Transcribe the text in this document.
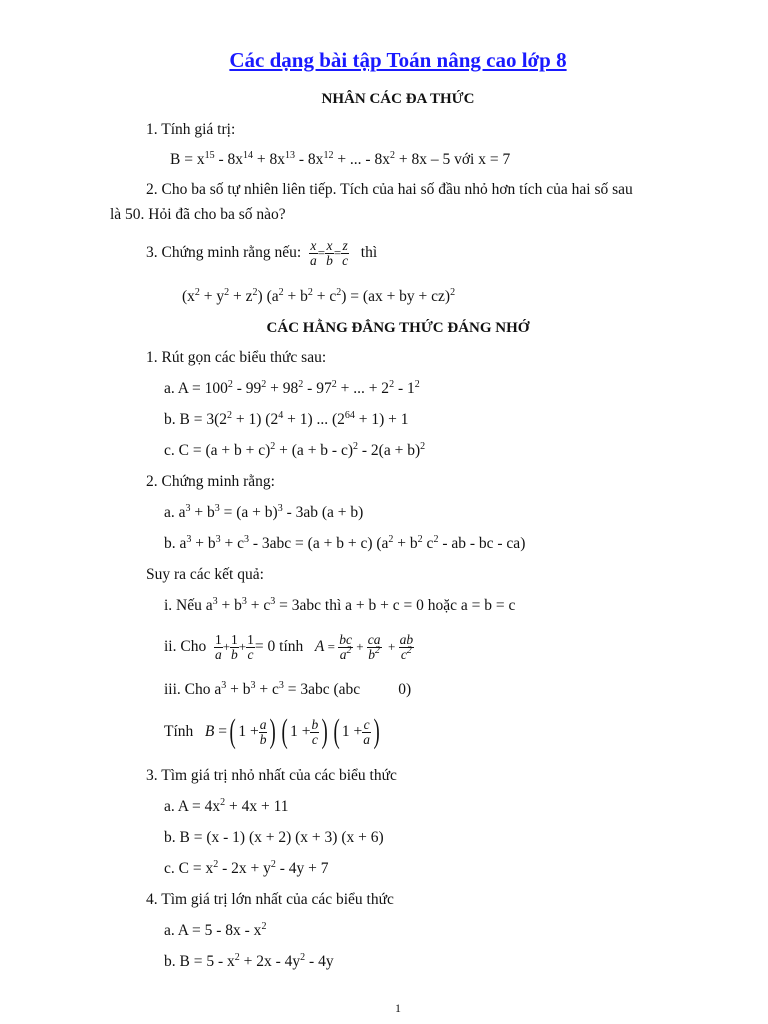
Các dạng bài tập Toán nâng cao lớp 8
NHÂN CÁC ĐA THỨC
1. Tính giá trị:
$B = x^{15} - 8x^{14} + 8x^{13} - 8x^{12}$ + ... - $8x^2 + 8x - 5$ với x = 7
2. Cho ba số tự nhiên liên tiếp. Tích của hai số đầu nhỏ hơn tích của hai số sau
là 50. Hỏi đã cho ba số nào?
3. Chứng minh rằng nếu: $\frac{x}{a} = \frac{x}{b} = \frac{z}{c}$ thì
$(x^2 + y^2 + z^2) (a^2 + b^2 + c^2) = (ax$ + by + cz)$^2$
CÁC HẰNG ĐẲNG THỨC ĐÁNG NHỚ
1. Rút gọn các biểu thức sau:
a. $A = 100^2 - 99^2 + 98^2 - 97^2$ + ... + $2^2 - 1^2$
b. $B = 3(2^2 + 1) (2^4 + 1)$ ... $(2^{64} + 1) + 1$
c. $C = (a + b + c)^2 + (a + b - c)^2 - 2(a + b)^2$
2. Chứng minh rằng:
a. $a^3 + b^3 = (a + b)^3 - 3ab$ (a + b)
b. $a^3 + b^3 + c^3 - 3abc = (a + b + c) (a^2 + b^2$ $c^2$ - ab - bc - ca)
Suy ra các kết quả:
i. Nếu $a^3 + b^3 + c^3 = 3abc$ thì a + b + c = 0 hoặc a = b = c
ii. Cho $\frac{1}{a} + \frac{1}{b} + \frac{1}{c} = 0$ tính $A = \frac{bc}{a^2} + \frac{ca}{b^2} + \frac{ab}{c^2}$
iii. Cho $a^3 + b^3 + c^3 = 3abc$ (abc 0)
Tính B =( $1 + \frac{a}{b}$ ) ( $1 + \frac{b}{c}$ ) ( $1 + \frac{c}{a}$ )
3. Tìm giá trị nhỏ nhất của các biểu thức
a. $A = 4x^2 + 4x + 11$
b. B = (x - 1) (x + 2) (x + 3) (x + 6)
c. $C = x^2 - 2x + y^2 - 4y + 7$
4. Tìm giá trị lớn nhất của các biểu thức
a. $A = 5 - 8x - x^2$
b. $B = 5 - x^2 + 2x - 4y^2 - 4y$
1
